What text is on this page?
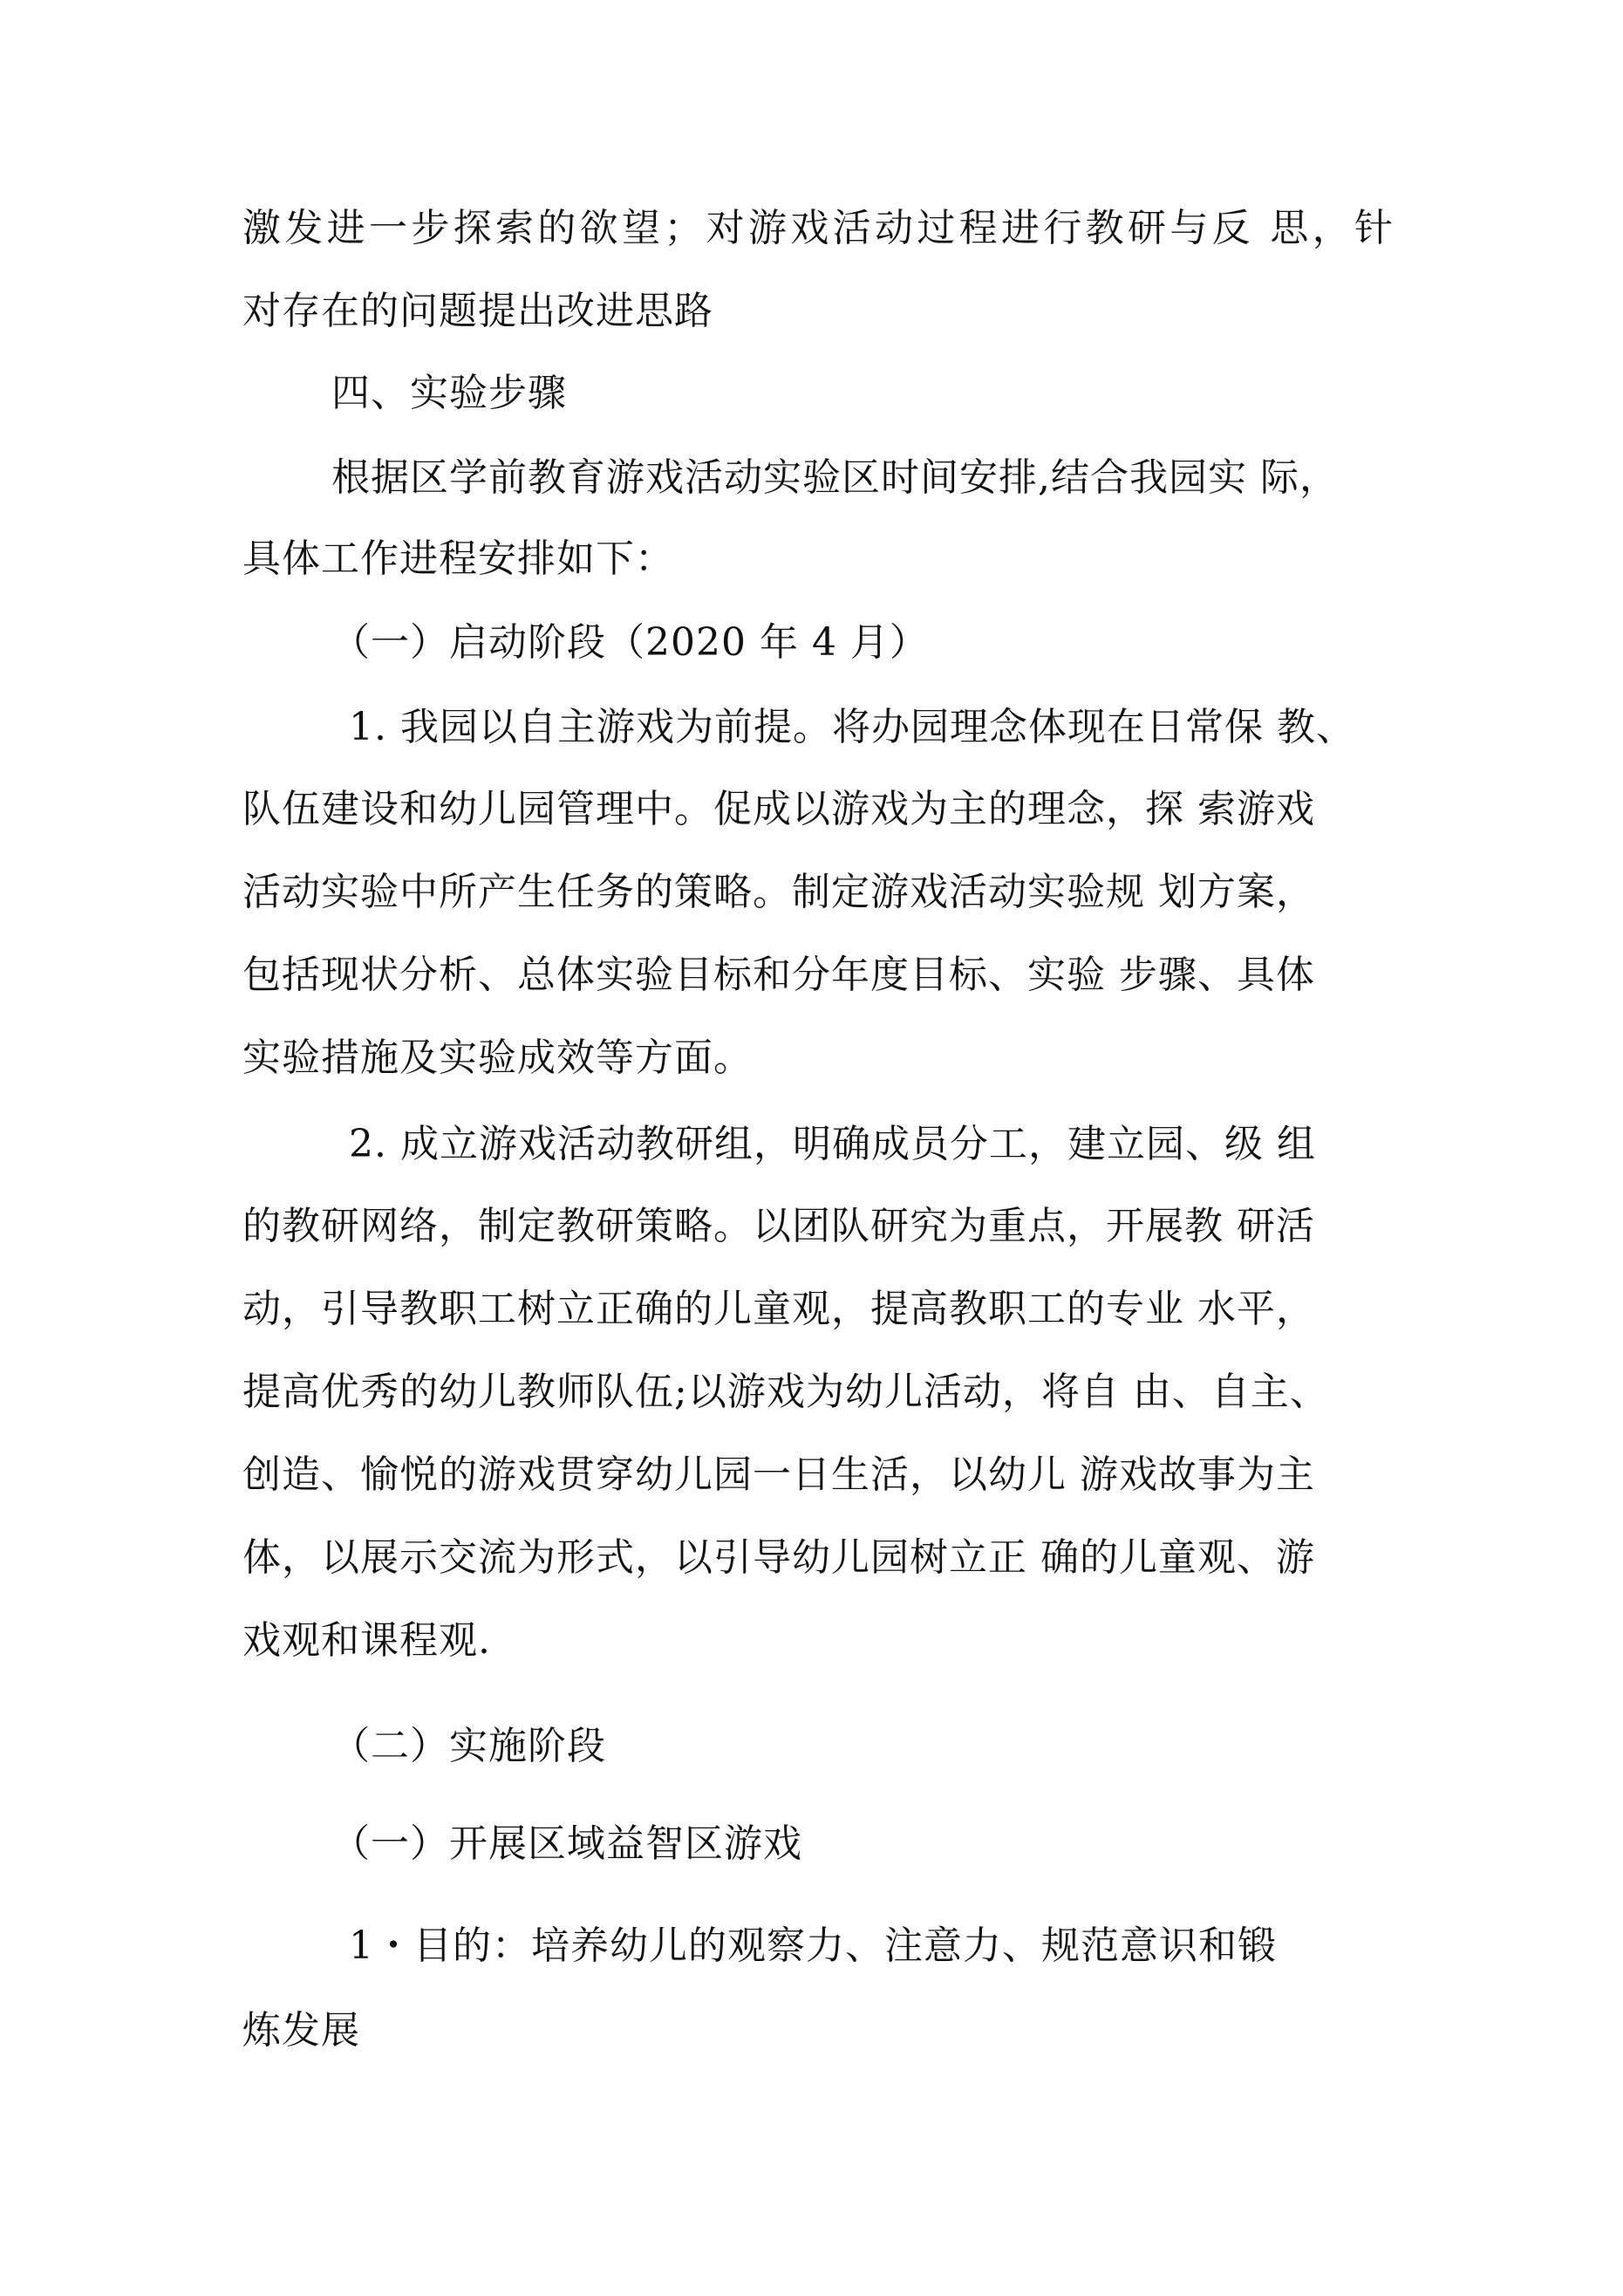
激发进一步探索的欲望；对游戏活动过程进行教研与反 思，针
对存在的问题提出改进思路
四、实验步骤
根据区学前教育游戏活动实验区时间安排,结合我园实 际，
具体工作进程安排如下：
（一）启动阶段（2020 年 4 月）
1. 我园以自主游戏为前提。将办园理念体现在日常保 教、
队伍建设和幼儿园管理中。促成以游戏为主的理念，探 索游戏
活动实验中所产生任务的策略。制定游戏活动实验规 划方案，
包括现状分析、总体实验目标和分年度目标、实验 步骤、具体
实验措施及实验成效等方面。
2. 成立游戏活动教研组，明确成员分工，建立园、级 组
的教研网络，制定教研策略。以团队研究为重点，开展教 研活
动，引导教职工树立正确的儿童观，提高教职工的专业 水平，
提高优秀的幼儿教师队伍;以游戏为幼儿活动，将自 由、自主、
创造、愉悦的游戏贯穿幼儿园一日生活，以幼儿 游戏故事为主
体，以展示交流为形式，以引导幼儿园树立正 确的儿童观、游
戏观和课程观.
（二）实施阶段
（一）开展区域益智区游戏
1・目的：培养幼儿的观察力、注意力、规范意识和锻
炼发展
